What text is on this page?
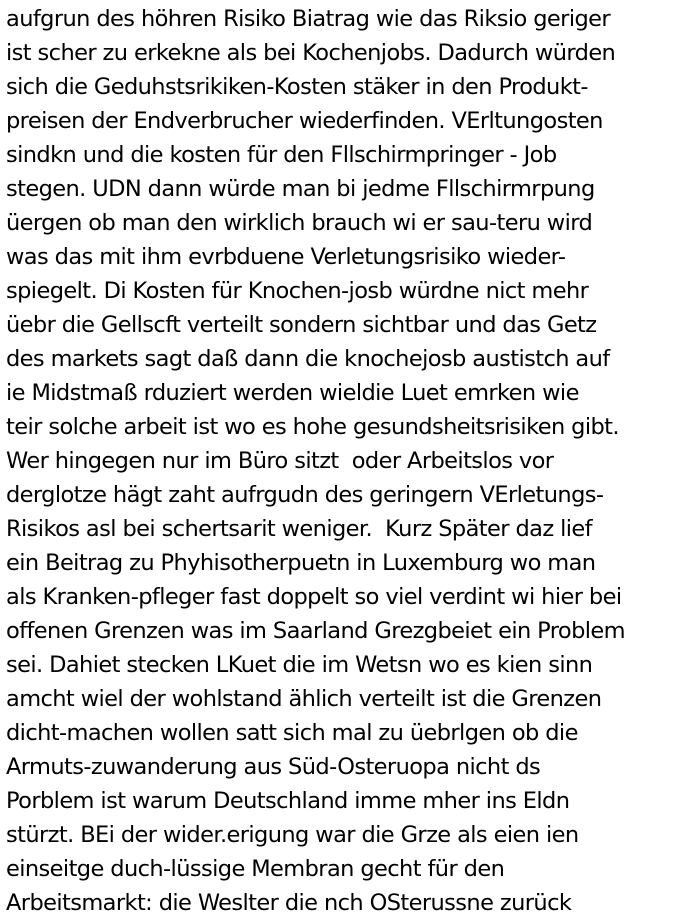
aufgrun des höhren Risiko Biatrag wie das Riksio geriger
ist scher zu erkekne als bei Kochenjobs. Dadurch würden
sich die Geduhstsrikiken-Kosten stäker in den Produkt-
preisen der Endverbrucher wiederfinden. VErltungosten
sindkn und die kosten für den Fllschirmpringer - Job
stegen. UDN dann würde man bi jedme Fllschirmrpung
üergen ob man den wirklich brauch wi er sau-teru wird
was das mit ihm evrbduene Verletungsrisiko wieder-
spiegelt. Di Kosten für Knochen-josb würdne nict mehr
üebr die Gellscft verteilt sondern sichtbar und das Getz
des markets sagt daß dann die knochejosb austistch auf
ie Midstmaß rduziert werden wieldie Luet emrken wie
teir solche arbeit ist wo es hohe gesundsheitsrisiken gibt.
Wer hingegen nur im Büro sitzt  oder Arbeitslos vor
derglotze hägt zaht aufrgudn des geringern VErletungs-
Risikos asl bei schertsarit weniger.  Kurz Später daz lief
ein Beitrag zu Phyhisotherpuetn in Luxemburg wo man
als Kranken-pfleger fast doppelt so viel verdint wi hier bei
offenen Grenzen was im Saarland Grezgbeiet ein Problem
sei. Dahiet stecken LKuet die im Wetsn wo es kien sinn
amcht wiel der wohlstand ählich verteilt ist die Grenzen
dicht-machen wollen satt sich mal zu üebrlgen ob die
Armuts-zuwanderung aus Süd-Osteruopa nicht ds
Porblem ist warum Deutschland imme mher ins Eldn
stürzt. BEi der wider.erigung war die Grze als eien ien
einseitge duch-lüssige Membran gecht für den
Arbeitsmarkt: die Weslter die nch OSterussne zurück
